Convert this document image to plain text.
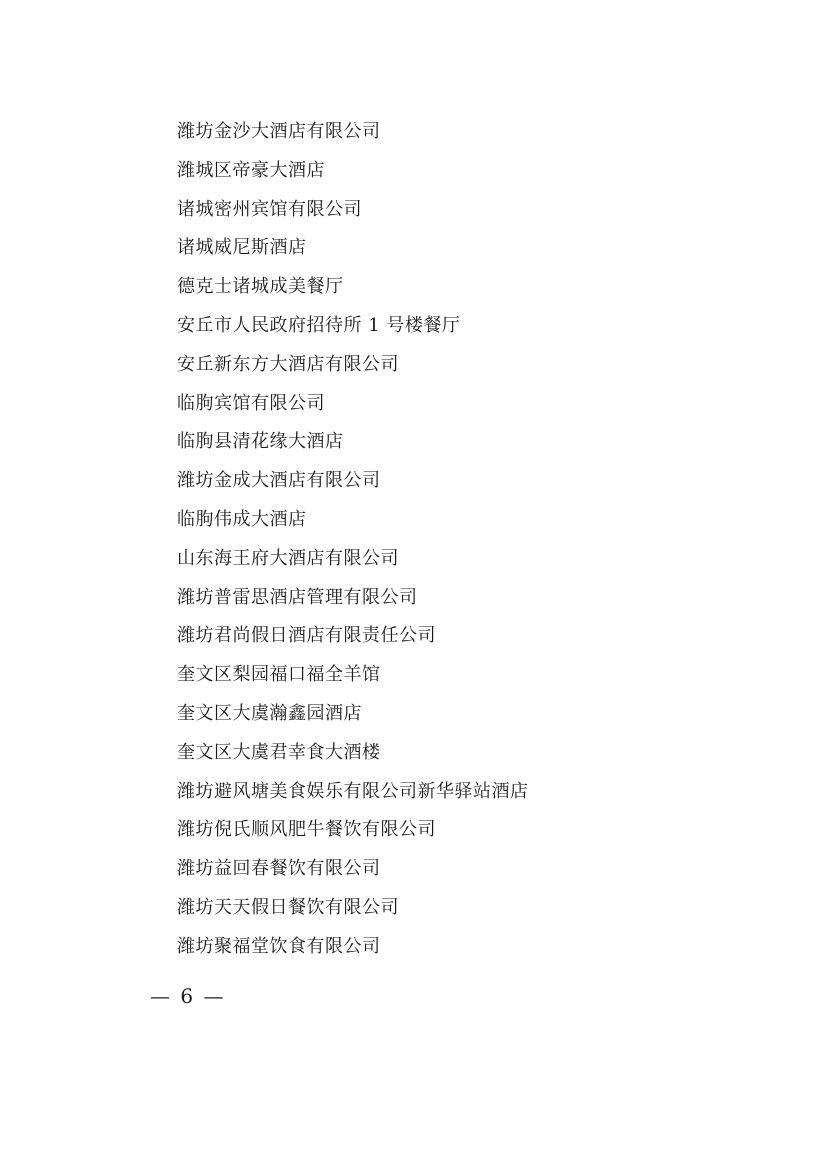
潍坊金沙大酒店有限公司
潍城区帝豪大酒店
诸城密州宾馆有限公司
诸城威尼斯酒店
德克士诸城成美餐厅
安丘市人民政府招待所 1 号楼餐厅
安丘新东方大酒店有限公司
临朐宾馆有限公司
临朐县清花缘大酒店
潍坊金成大酒店有限公司
临朐伟成大酒店
山东海王府大酒店有限公司
潍坊普雷思酒店管理有限公司
潍坊君尚假日酒店有限责任公司
奎文区梨园福口福全羊馆
奎文区大虞瀚鑫园酒店
奎文区大虞君幸食大酒楼
潍坊避风塘美食娱乐有限公司新华驿站酒店
潍坊倪氏顺风肥牛餐饮有限公司
潍坊益回春餐饮有限公司
潍坊天天假日餐饮有限公司
潍坊聚福堂饮食有限公司
— 6 —
